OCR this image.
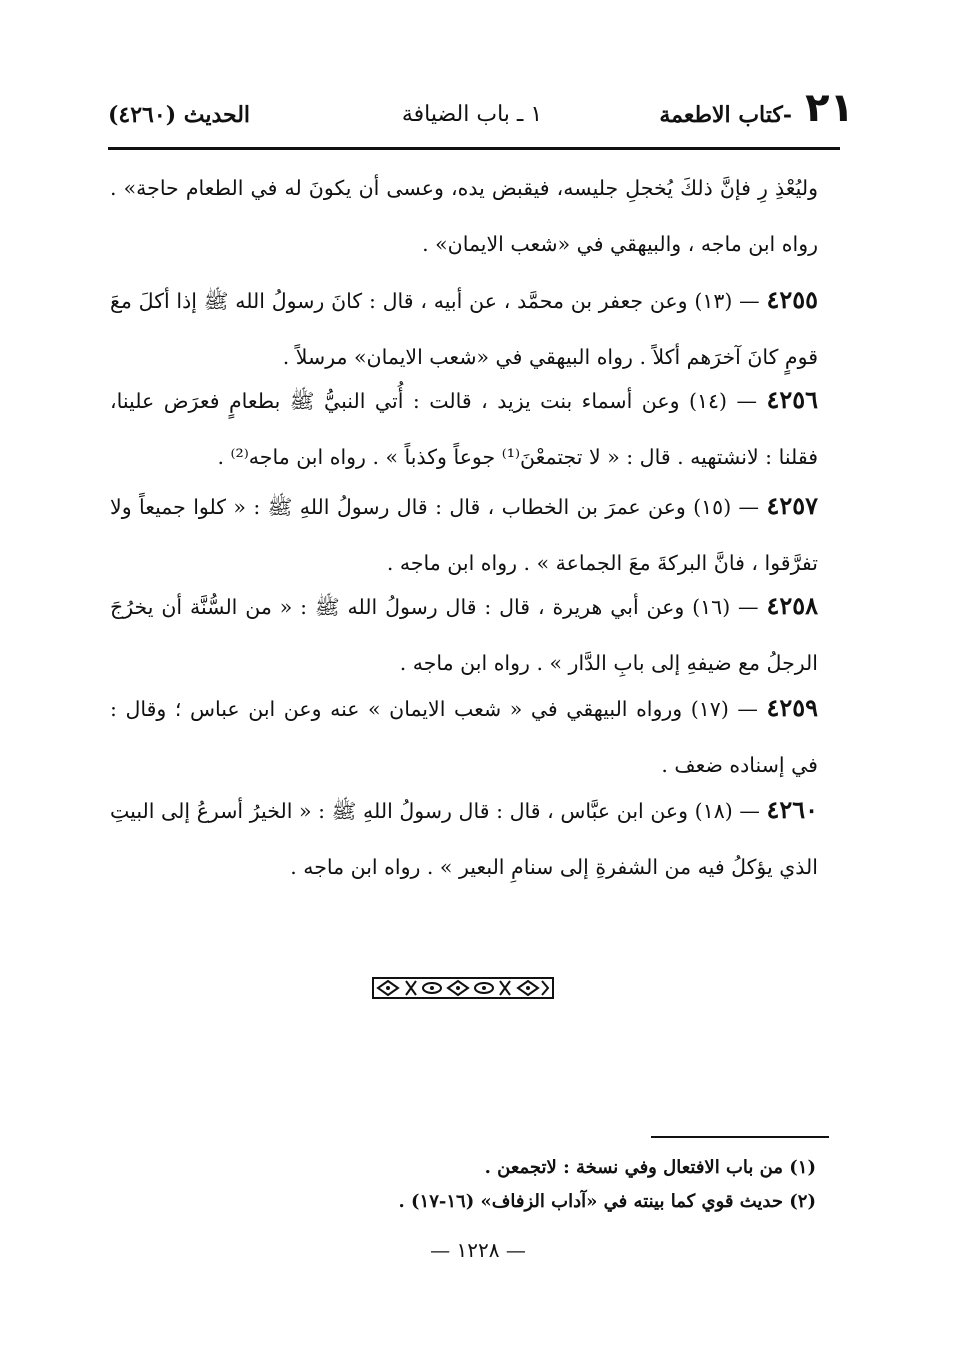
٢١
-كتاب الاطعمة
١ ـ باب الضيافة
الحديث (٤٢٦٠)
وليُعْذِ رِ فإنَّ ذلكَ يُخجلِ جليسه، فيقبض يده، وعسى أن يكونَ له في الطعام حاجة» . رواه ابن ماجه ، والبيهقي في «شعب الايمان» .
٤٢٥٥ — (١٣) وعن جعفر بن محمَّد ، عن أبيه ، قال : كانَ رسولُ الله ﷺ إذا أكلَ معَ قومٍ كانَ آخرَهم أكلاً . رواه البيهقي في «شعب الايمان» مرسلاً .
٤٢٥٦ — (١٤) وعن أسماء بنت يزيد ، قالت : أُتي النبيُّ ﷺ بطعامٍ فعرَض علينا، فقلنا : لانشتهيه . قال : « لا تجتمعْنَ⁽¹⁾ جوعاً وكذباً » . رواه ابن ماجه⁽²⁾ .
٤٢٥٧ — (١٥) وعن عمرَ بن الخطاب ، قال : قال رسولُ اللهِ ﷺ : « كلوا جميعاً ولا تفرَّقوا ، فانَّ البركةَ معَ الجماعة » . رواه ابن ماجه .
٤٢٥٨ — (١٦) وعن أبي هريرة ، قال : قال رسولُ الله ﷺ : « من السُّنَّة أن يخرُجَ الرجلُ مع ضيفهِ إلى بابِ الدَّار » . رواه ابن ماجه .
٤٢٥٩ — (١٧) ورواه البيهقي في « شعب الايمان » عنه وعن ابن عباس ؛ وقال : في إسناده ضعف .
٤٢٦٠ — (١٨) وعن ابن عبَّاس ، قال : قال رسولُ اللهِ ﷺ : « الخيرُ أسرعُ إلى البيتِ الذي يؤكلُ فيه من الشفرةِ إلى سنامِ البعير » . رواه ابن ماجه .
(١) من باب الافتعال وفي نسخة : لاتجمعن .
(٢) حديث قوي كما بينته في «آداب الزفاف» (١٦-١٧) .
— ١٢٢٨ —
